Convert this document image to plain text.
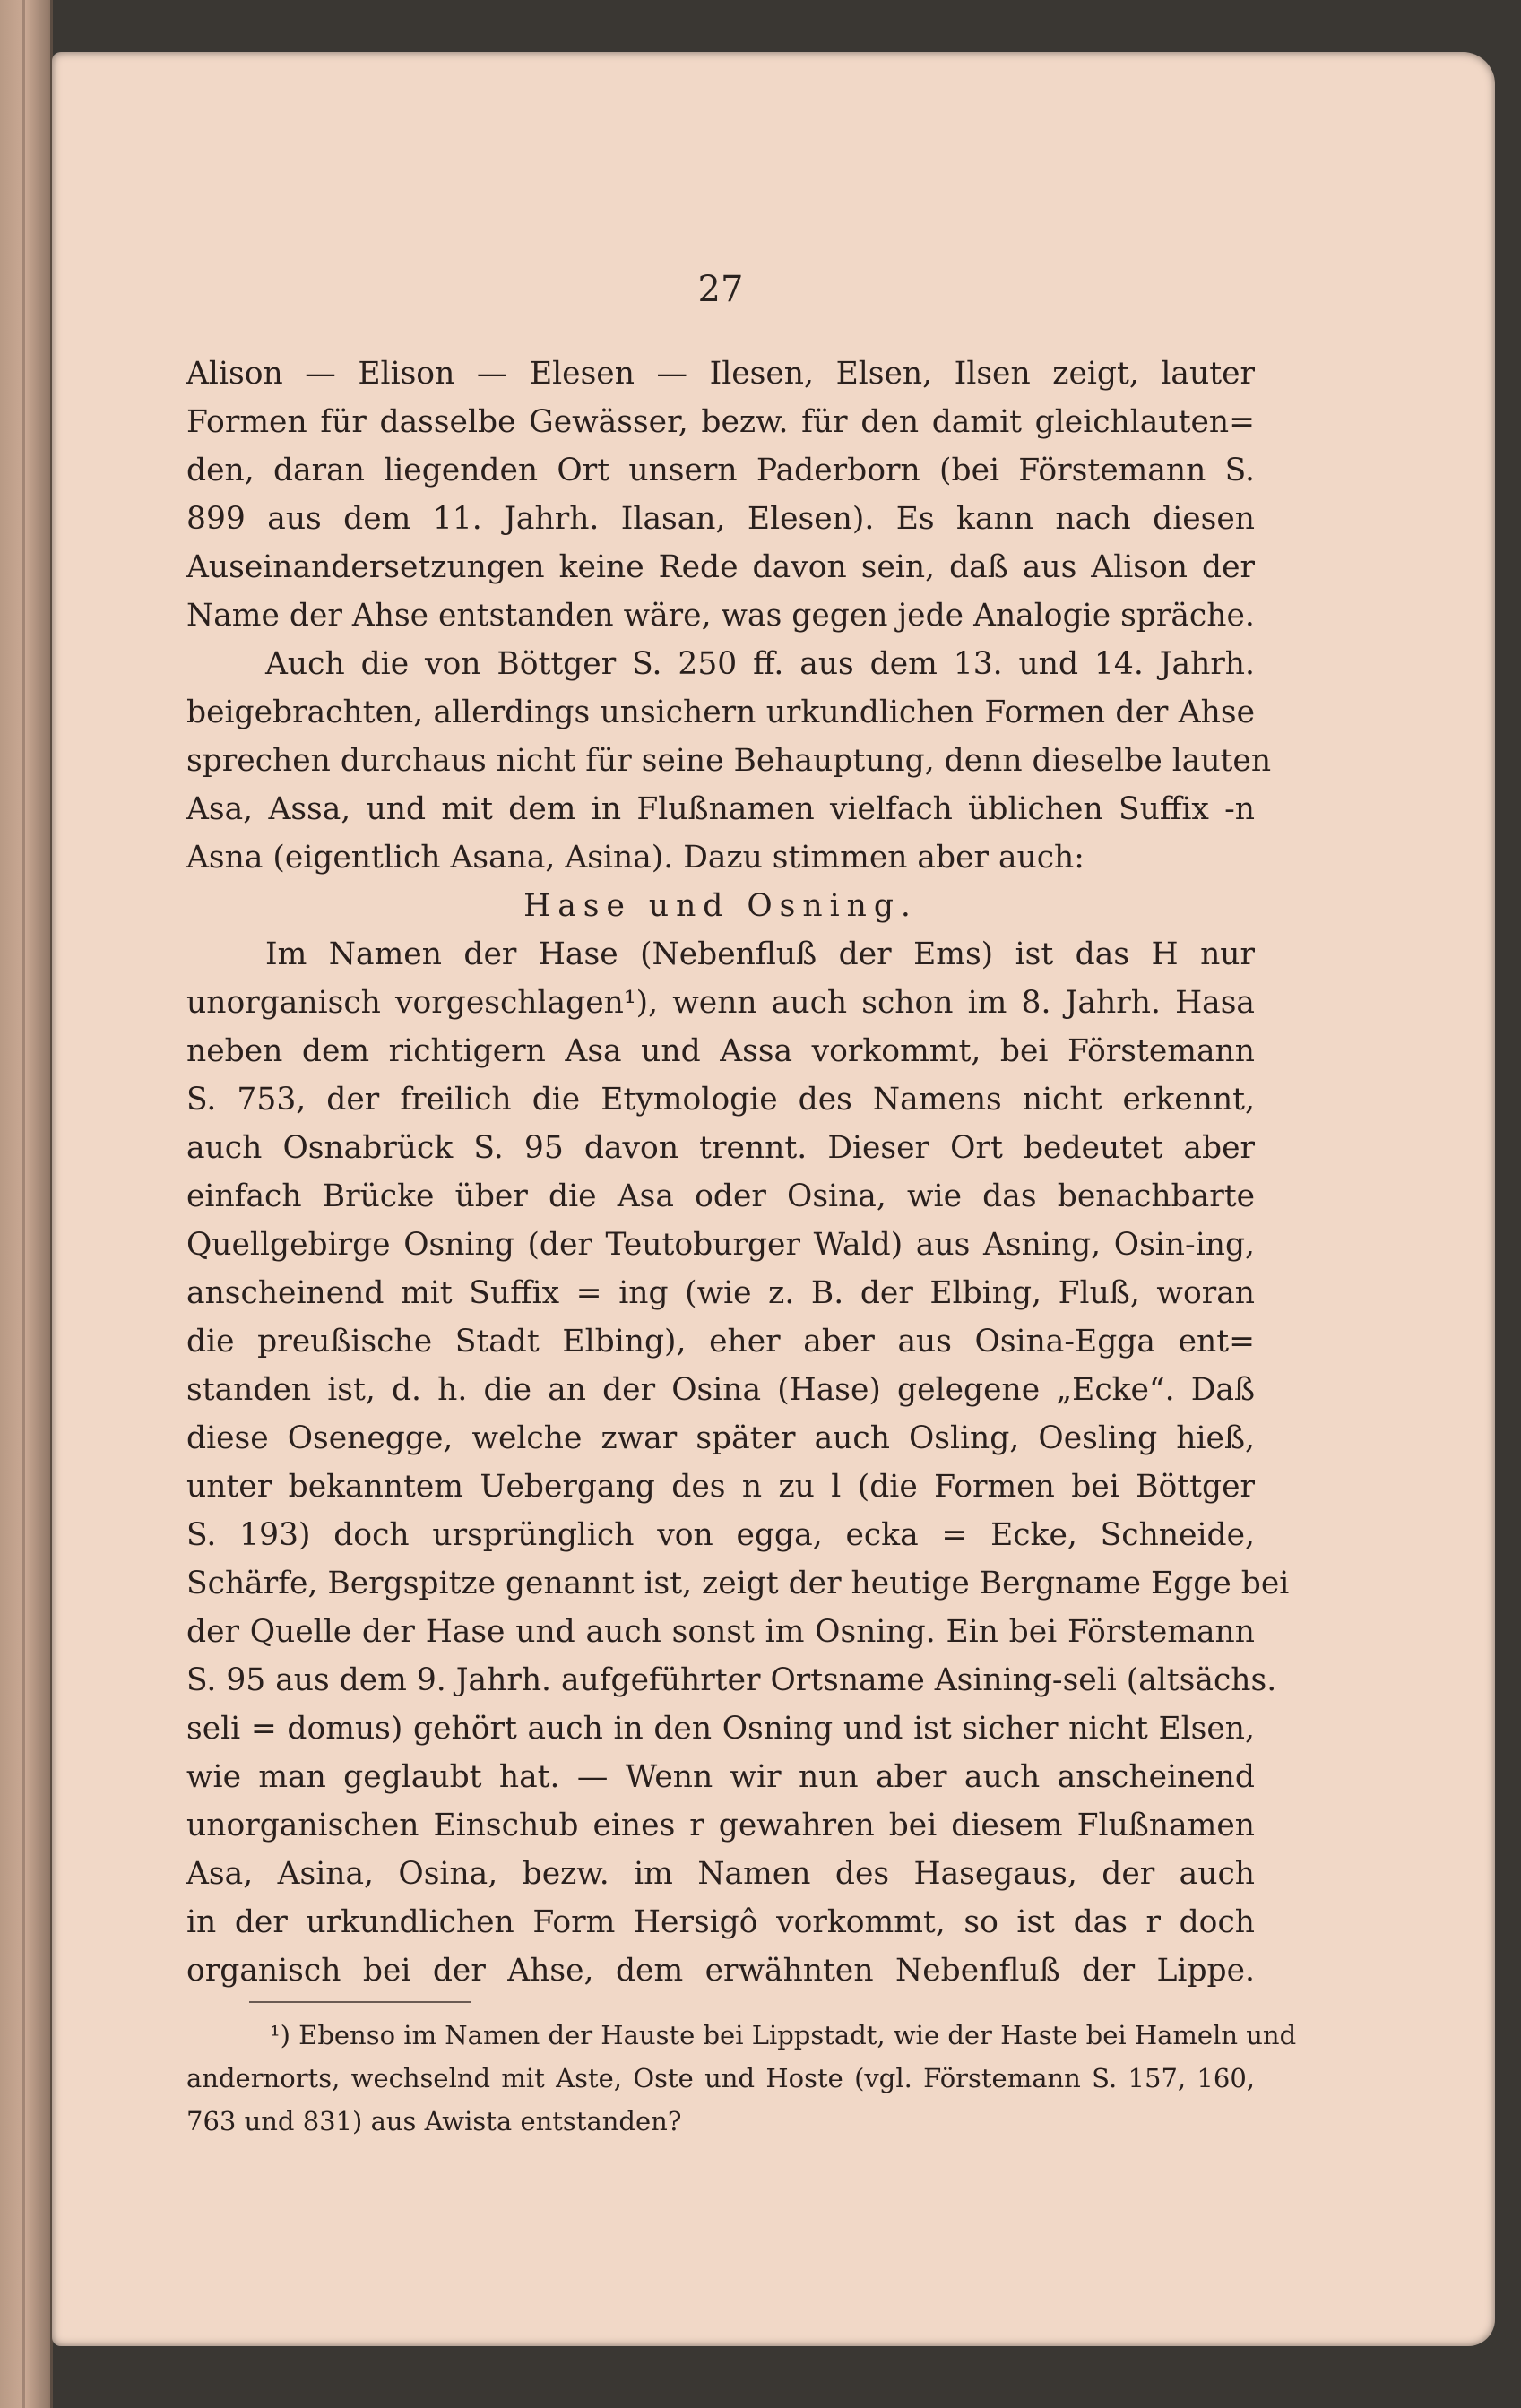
27
Alison — Elison — Elesen — Ilesen, Elsen, Ilsen zeigt, lauter
Formen für dasselbe Gewässer, bezw. für den damit gleichlauten=
den, daran liegenden Ort unsern Paderborn (bei Förstemann S.
899 aus dem 11. Jahrh. Ilasan, Elesen). Es kann nach diesen
Auseinandersetzungen keine Rede davon sein, daß aus Alison der
Name der Ahse entstanden wäre, was gegen jede Analogie spräche.
Auch die von Böttger S. 250 ff. aus dem 13. und 14. Jahrh.
beigebrachten, allerdings unsichern urkundlichen Formen der Ahse
sprechen durchaus nicht für seine Behauptung, denn dieselbe lauten
Asa, Assa, und mit dem in Flußnamen vielfach üblichen Suffix -n
Asna (eigentlich Asana, Asina). Dazu stimmen aber auch:
Hase und Osning.
Im Namen der Hase (Nebenfluß der Ems) ist das H nur
unorganisch vorgeschlagen¹), wenn auch schon im 8. Jahrh. Hasa
neben dem richtigern Asa und Assa vorkommt, bei Förstemann
S. 753, der freilich die Etymologie des Namens nicht erkennt,
auch Osnabrück S. 95 davon trennt. Dieser Ort bedeutet aber
einfach Brücke über die Asa oder Osina, wie das benachbarte
Quellgebirge Osning (der Teutoburger Wald) aus Asning, Osin-ing,
anscheinend mit Suffix = ing (wie z. B. der Elbing, Fluß, woran
die preußische Stadt Elbing), eher aber aus Osina-Egga ent=
standen ist, d. h. die an der Osina (Hase) gelegene „Ecke“. Daß
diese Osenegge, welche zwar später auch Osling, Oesling hieß,
unter bekanntem Uebergang des n zu l (die Formen bei Böttger
S. 193) doch ursprünglich von egga, ecka = Ecke, Schneide,
Schärfe, Bergspitze genannt ist, zeigt der heutige Bergname Egge bei
der Quelle der Hase und auch sonst im Osning. Ein bei Förstemann
S. 95 aus dem 9. Jahrh. aufgeführter Ortsname Asining-seli (altsächs.
seli = domus) gehört auch in den Osning und ist sicher nicht Elsen,
wie man geglaubt hat. — Wenn wir nun aber auch anscheinend
unorganischen Einschub eines r gewahren bei diesem Flußnamen
Asa, Asina, Osina, bezw. im Namen des Hasegaus, der auch
in der urkundlichen Form Hersigô vorkommt, so ist das r doch
organisch bei der Ahse, dem erwähnten Nebenfluß der Lippe.
¹) Ebenso im Namen der Hauste bei Lippstadt, wie der Haste bei Hameln und
andernorts, wechselnd mit Aste, Oste und Hoste (vgl. Förstemann S. 157, 160,
763 und 831) aus Awista entstanden?
